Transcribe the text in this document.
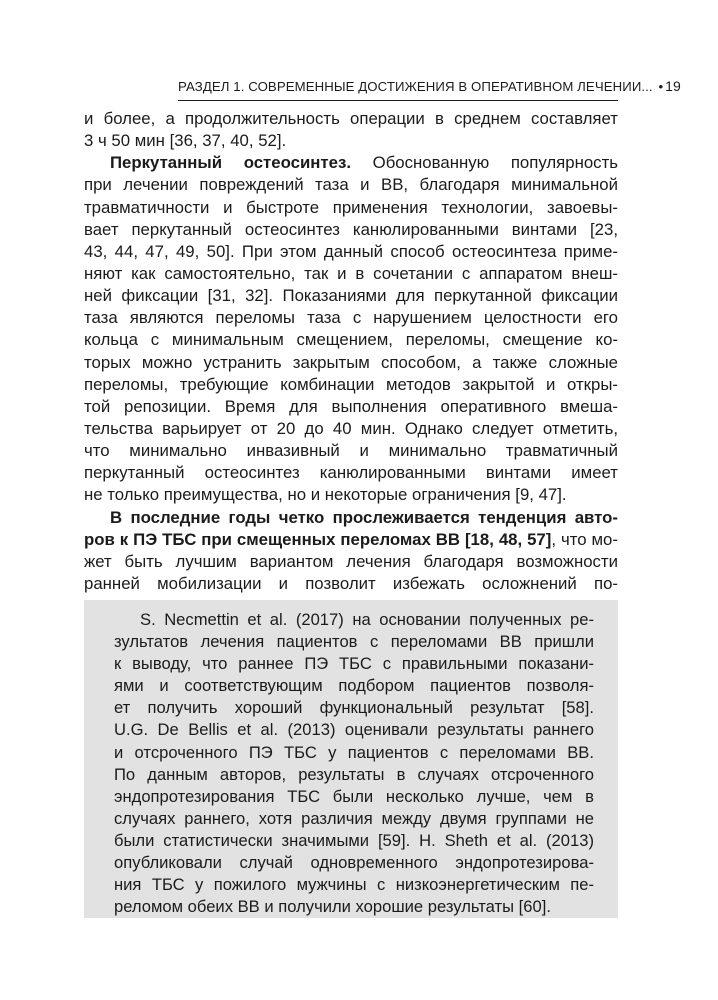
РАЗДЕЛ 1. СОВРЕМЕННЫЕ ДОСТИЖЕНИЯ В ОПЕРАТИВНОМ ЛЕЧЕНИИ... • 19
и более, а продолжительность операции в среднем составляет
3 ч 50 мин [36, 37, 40, 52].
Перкутанный остеосинтез. Обоснованную популярность
при лечении повреждений таза и ВВ, благодаря минимальной
травматичности и быстроте применения технологии, завоевы-
вает перкутанный остеосинтез канюлированными винтами [23,
43, 44, 47, 49, 50]. При этом данный способ остеосинтеза приме-
няют как самостоятельно, так и в сочетании с аппаратом внеш-
ней фиксации [31, 32]. Показаниями для перкутанной фиксации
таза являются переломы таза с нарушением целостности его
кольца с минимальным смещением, переломы, смещение ко-
торых можно устранить закрытым способом, а также сложные
переломы, требующие комбинации методов закрытой и откры-
той репозиции. Время для выполнения оперативного вмеша-
тельства варьирует от 20 до 40 мин. Однако следует отметить,
что минимально инвазивный и минимально травматичный
перкутанный остеосинтез канюлированными винтами имеет
не только преимущества, но и некоторые ограничения [9, 47].
В последние годы четко прослеживается тенденция авто-
ров к ПЭ ТБС при смещенных переломах ВВ [18, 48, 57], что мо-
жет быть лучшим вариантом лечения благодаря возможности
ранней мобилизации и позволит избежать осложнений по-
S. Necmettin et al. (2017) на основании полученных ре-
зультатов лечения пациентов с переломами ВВ пришли
к выводу, что раннее ПЭ ТБС с правильными показани-
ями и соответствующим подбором пациентов позволя-
ет получить хороший функциональный результат [58].
U.G. De Bellis et al. (2013) оценивали результаты раннего
и отсроченного ПЭ ТБС у пациентов с переломами ВВ.
По данным авторов, результаты в случаях отсроченного
эндопротезирования ТБС были несколько лучше, чем в
случаях раннего, хотя различия между двумя группами не
были статистически значимыми [59]. H. Sheth et al. (2013)
опубликовали случай одновременного эндопротезирова-
ния ТБС у пожилого мужчины с низкоэнергетическим пе-
реломом обеих ВВ и получили хорошие результаты [60].
